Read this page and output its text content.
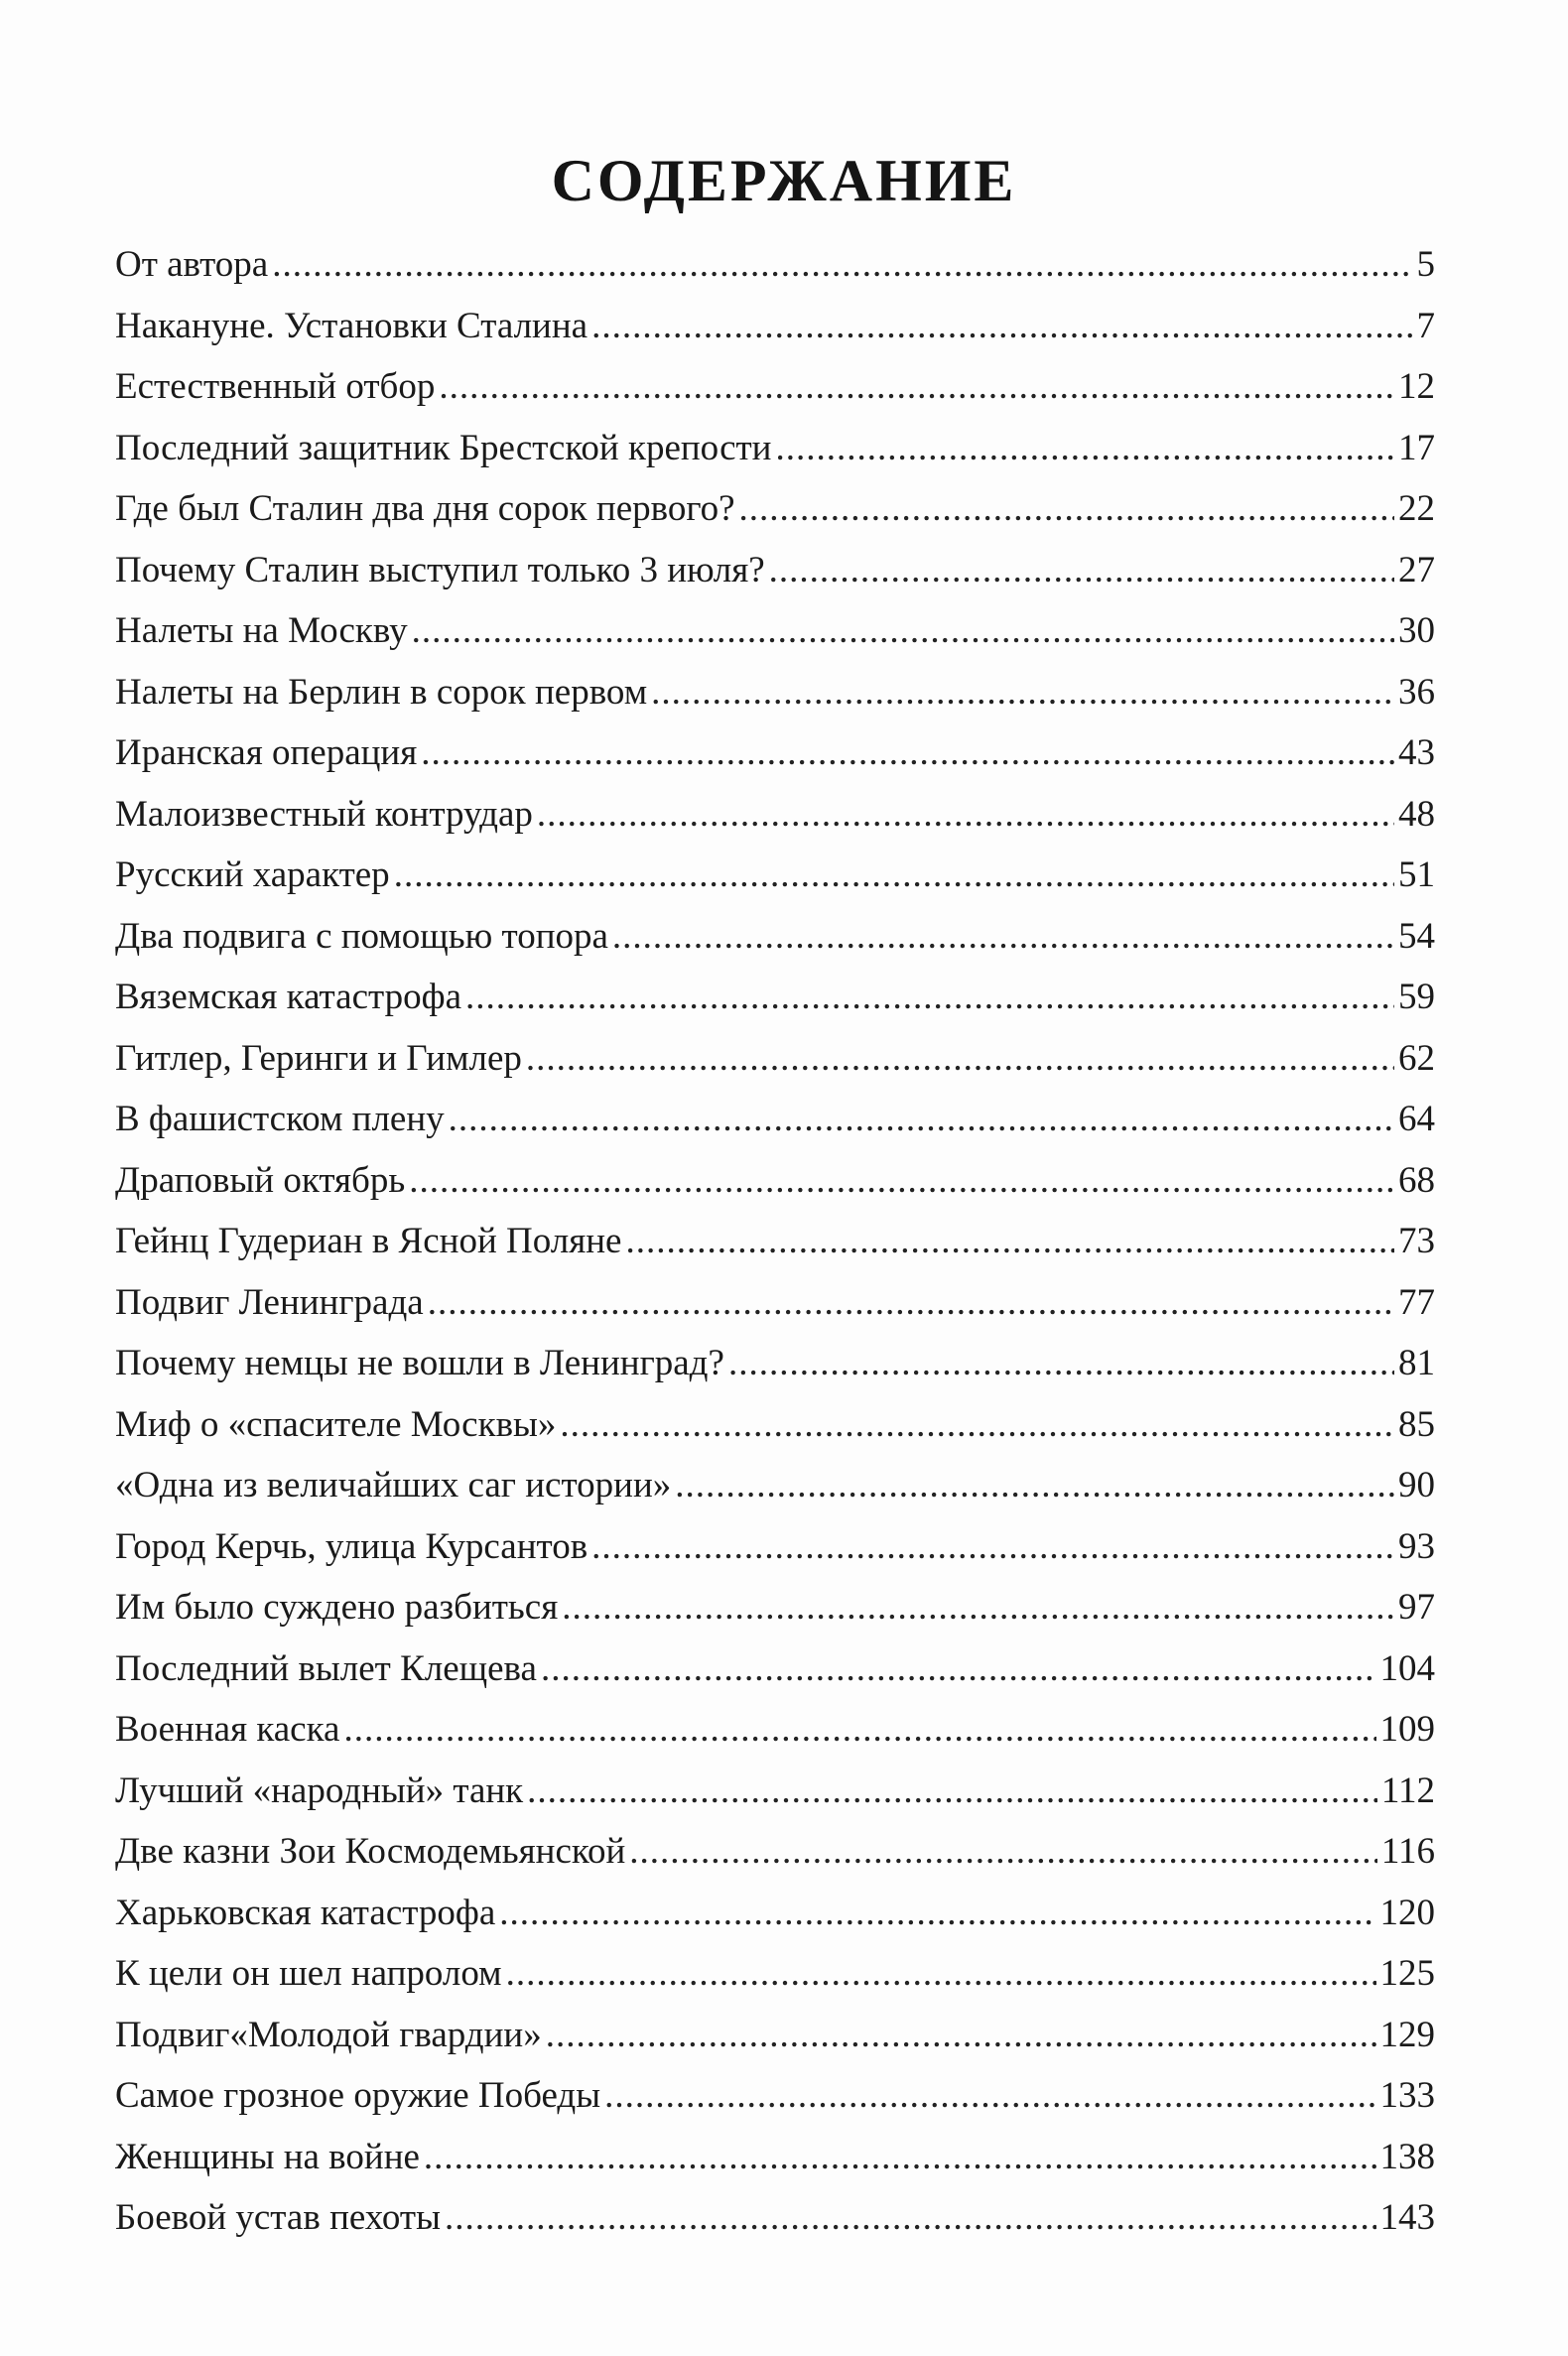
СОДЕРЖАНИЕ
От автора .....	5
Накануне. Установки Сталина .....	7
Естественный отбор .....	12
Последний защитник Брестской крепости .....	17
Где был Сталин два дня сорок первого? .....	22
Почему Сталин выступил только 3 июля? .....	27
Налеты на Москву .....	30
Налеты на Берлин в сорок первом .....	36
Иранская операция .....	43
Малоизвестный контрудар .....	48
Русский характер .....	51
Два подвига с помощью топора .....	54
Вяземская катастрофа .....	59
Гитлер, Геринги и Гимлер .....	62
В фашистском плену .....	64
Драповый октябрь .....	68
Гейнц Гудериан в Ясной Поляне .....	73
Подвиг Ленинграда .....	77
Почему немцы не вошли в Ленинград? .....	81
Миф о «спасителе Москвы» .....	85
«Одна из величайших саг истории» .....	90
Город Керчь, улица Курсантов .....	93
Им было суждено разбиться .....	97
Последний вылет Клещева .....	104
Военная каска .....	109
Лучший «народный» танк .....	112
Две казни Зои Космодемьянской .....	116
Харьковская катастрофа .....	120
К цели он шел напролом .....	125
Подвиг«Молодой гвардии» .....	129
Самое грозное оружие Победы .....	133
Женщины на войне .....	138
Боевой устав пехоты .....	143
